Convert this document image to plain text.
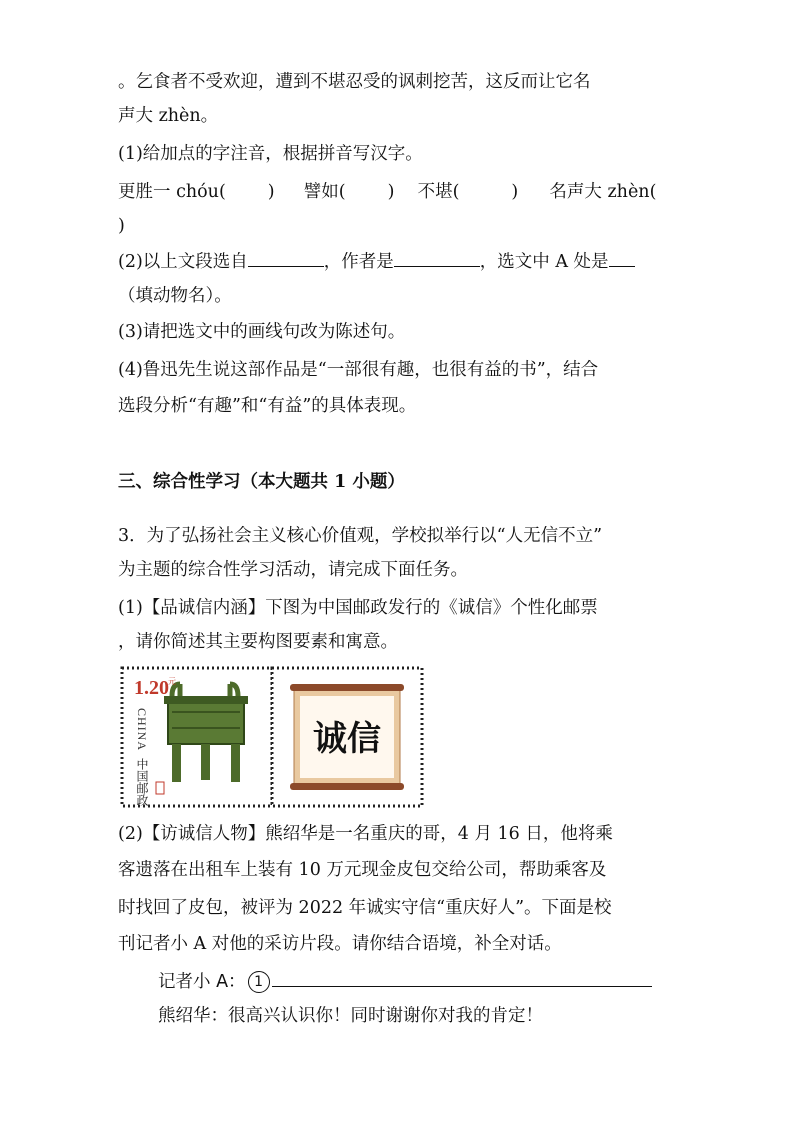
。乞食者不受欢迎，遭到不堪忍受的讽刺挖苦，这反而让它名
声大 zhèn。
(1)给加点的字注音，根据拼音写汉字。
更胜一 chóu( ) 譬如( ) 不堪(	) 名声大 zhèn(
)
(2)以上文段选自	，作者是	，选文中 A 处是
（填动物名）。
(3)请把选文中的画线句改为陈述句。
(4)鲁迅先生说这部作品是“一部很有趣，也很有益的书”，结合
选段分析“有趣”和“有益”的具体表现。
三、综合性学习（本大题共 1 小题）
3．为了弘扬社会主义核心价值观，学校拟举行以“人无信不立”
为主题的综合性学习活动，请完成下面任务。
(1)【品诚信内涵】下图为中国邮政发行的《诚信》个性化邮票
，请你简述其主要构图要素和寓意。
1.20 元
CHINA
中国邮政
诚信
(2)【访诚信人物】熊绍华是一名重庆的哥，4 月 16 日，他将乘
客遗落在出租车上装有 10 万元现金皮包交给公司，帮助乘客及
时找回了皮包，被评为 2022 年诚实守信“重庆好人”。下面是校
刊记者小 A 对他的采访片段。请你结合语境，补全对话。
记者小 A： 1
熊绍华：很高兴认识你！同时谢谢你对我的肯定！
